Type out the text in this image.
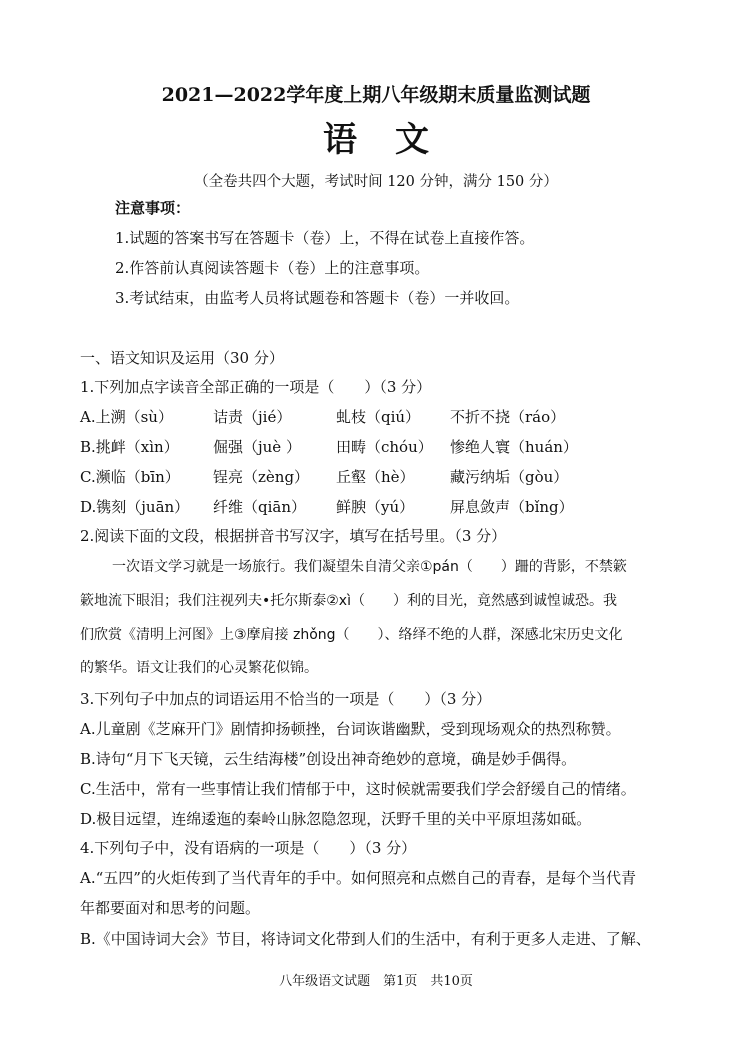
2021—2022学年度上期八年级期末质量监测试题
语文
（全卷共四个大题，考试时间 120 分钟，满分 150 分）
注意事项：
1.试题的答案书写在答题卡（卷）上，不得在试卷上直接作答。
2.作答前认真阅读答题卡（卷）上的注意事项。
3.考试结束，由监考人员将试题卷和答题卡（卷）一并收回。
一、语文知识及运用（30 分）
1.下列加点字读音全部正确的一项是（　　）（3 分）
A.上溯（sù）	诘责（jié）	虬枝（qiú） 不折不挠（ráo）
B.挑衅（xìn） 倔强（juè ） 田畴（chóu） 惨绝人寰（huán）
C.濒临（bīn） 锃亮（zèng） 丘壑（hè） 藏污纳垢（gòu）
D.镌刻（juān） 纤维（qiān） 鲜腴（yú） 屏息敛声（bǐng）
2.阅读下面的文段，根据拼音书写汉字，填写在括号里。（3 分）
一次语文学习就是一场旅行。我们凝望朱自清父亲①pán（　　）跚的背影，不禁簌
簌地流下眼泪；我们注视列夫•托尔斯泰②xì（　　）利的目光，竟然感到诚惶诚恐。我
们欣赏《清明上河图》上③摩肩接 zhǒng（　　）、络绎不绝的人群，深感北宋历史文化
的繁华。语文让我们的心灵繁花似锦。
3.下列句子中加点的词语运用不恰当的一项是（　　）（3 分）
A.儿童剧《芝麻开门》剧情抑扬顿挫，台词诙谐幽默，受到现场观众的热烈称赞。
B.诗句“月下飞天镜，云生结海楼”创设出神奇绝妙的意境，确是妙手偶得。
C.生活中，常有一些事情让我们情郁于中，这时候就需要我们学会舒缓自己的情绪。
D.极目远望，连绵逶迤的秦岭山脉忽隐忽现，沃野千里的关中平原坦荡如砥。
4.下列句子中，没有语病的一项是（　　）（3 分）
A.“五四”的火炬传到了当代青年的手中。如何照亮和点燃自己的青春，是每个当代青
年都要面对和思考的问题。
B.《中国诗词大会》节目，将诗词文化带到人们的生活中，有利于更多人走进、了解、
八年级语文试题　第1页　共10页
